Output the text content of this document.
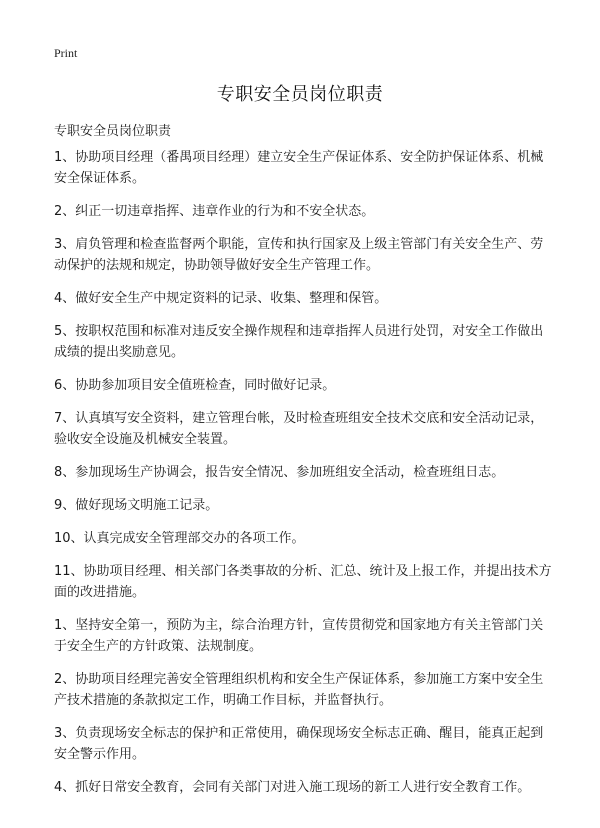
Print
专职安全员岗位职责
专职安全员岗位职责

1、协助项目经理（番禺项目经理）建立安全生产保证体系、安全防护保证体系、机械安全保证体系。

2、纠正一切违章指挥、违章作业的行为和不安全状态。

3、肩负管理和检查监督两个职能，宣传和执行国家及上级主管部门有关安全生产、劳动保护的法规和规定，协助领导做好安全生产管理工作。

4、做好安全生产中规定资料的记录、收集、整理和保管。

5、按职权范围和标准对违反安全操作规程和违章指挥人员进行处罚，对安全工作做出成绩的提出奖励意见。

6、协助参加项目安全值班检查，同时做好记录。

7、认真填写安全资料，建立管理台帐，及时检查班组安全技术交底和安全活动记录，验收安全设施及机械安全装置。

8、参加现场生产协调会，报告安全情况、参加班组安全活动，检查班组日志。

9、做好现场文明施工记录。

10、认真完成安全管理部交办的各项工作。

11、协助项目经理、相关部门各类事故的分析、汇总、统计及上报工作，并提出技术方面的改进措施。

1、坚持安全第一，预防为主，综合治理方针，宣传贯彻党和国家地方有关主管部门关于安全生产的方针政策、法规制度。

2、协助项目经理完善安全管理组织机构和安全生产保证体系，参加施工方案中安全生产技术措施的条款拟定工作，明确工作目标，并监督执行。

3、负责现场安全标志的保护和正常使用，确保现场安全标志正确、醒目，能真正起到安全警示作用。

4、抓好日常安全教育，会同有关部门对进入施工现场的新工人进行安全教育工作。
